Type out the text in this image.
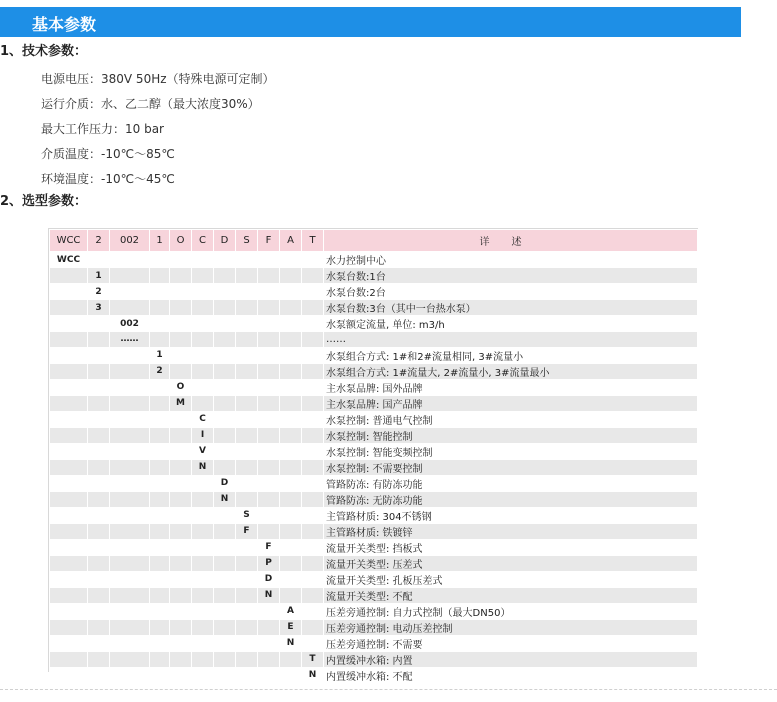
基本参数
1、技术参数：
电源电压：380V 50Hz（特殊电源可定制）
运行介质：水、乙二醇（最大浓度30%）
最大工作压力：10 bar
介质温度：-10℃～85℃
环境温度：-10℃～45℃
2、选型参数：
WCC	2	002	1	O	C	D	S	F	A	T	详述
WCC											水力控制中心
	1										水泵台数:1台
	2										水泵台数:2台
	3										水泵台数:3台（其中一台热水泵）
		002									水泵额定流量, 单位: m3/h
		……									……
			1								水泵组合方式: 1#和2#流量相同, 3#流量小
			2								水泵组合方式: 1#流量大, 2#流量小, 3#流量最小
				O							主水泵品牌: 国外品牌
				M							主水泵品牌: 国产品牌
					C						水泵控制: 普通电气控制
					I						水泵控制: 智能控制
					V						水泵控制: 智能变频控制
					N						水泵控制: 不需要控制
						D					管路防冻: 有防冻功能
						N					管路防冻: 无防冻功能
							S				主管路材质: 304不锈钢
							F				主管路材质: 铁镀锌
								F			流量开关类型: 挡板式
								P			流量开关类型: 压差式
								D			流量开关类型: 孔板压差式
								N			流量开关类型: 不配
									A		压差旁通控制: 自力式控制（最大DN50）
									E		压差旁通控制: 电动压差控制
									N		压差旁通控制: 不需要
										T	内置缓冲水箱: 内置
										N	内置缓冲水箱: 不配
